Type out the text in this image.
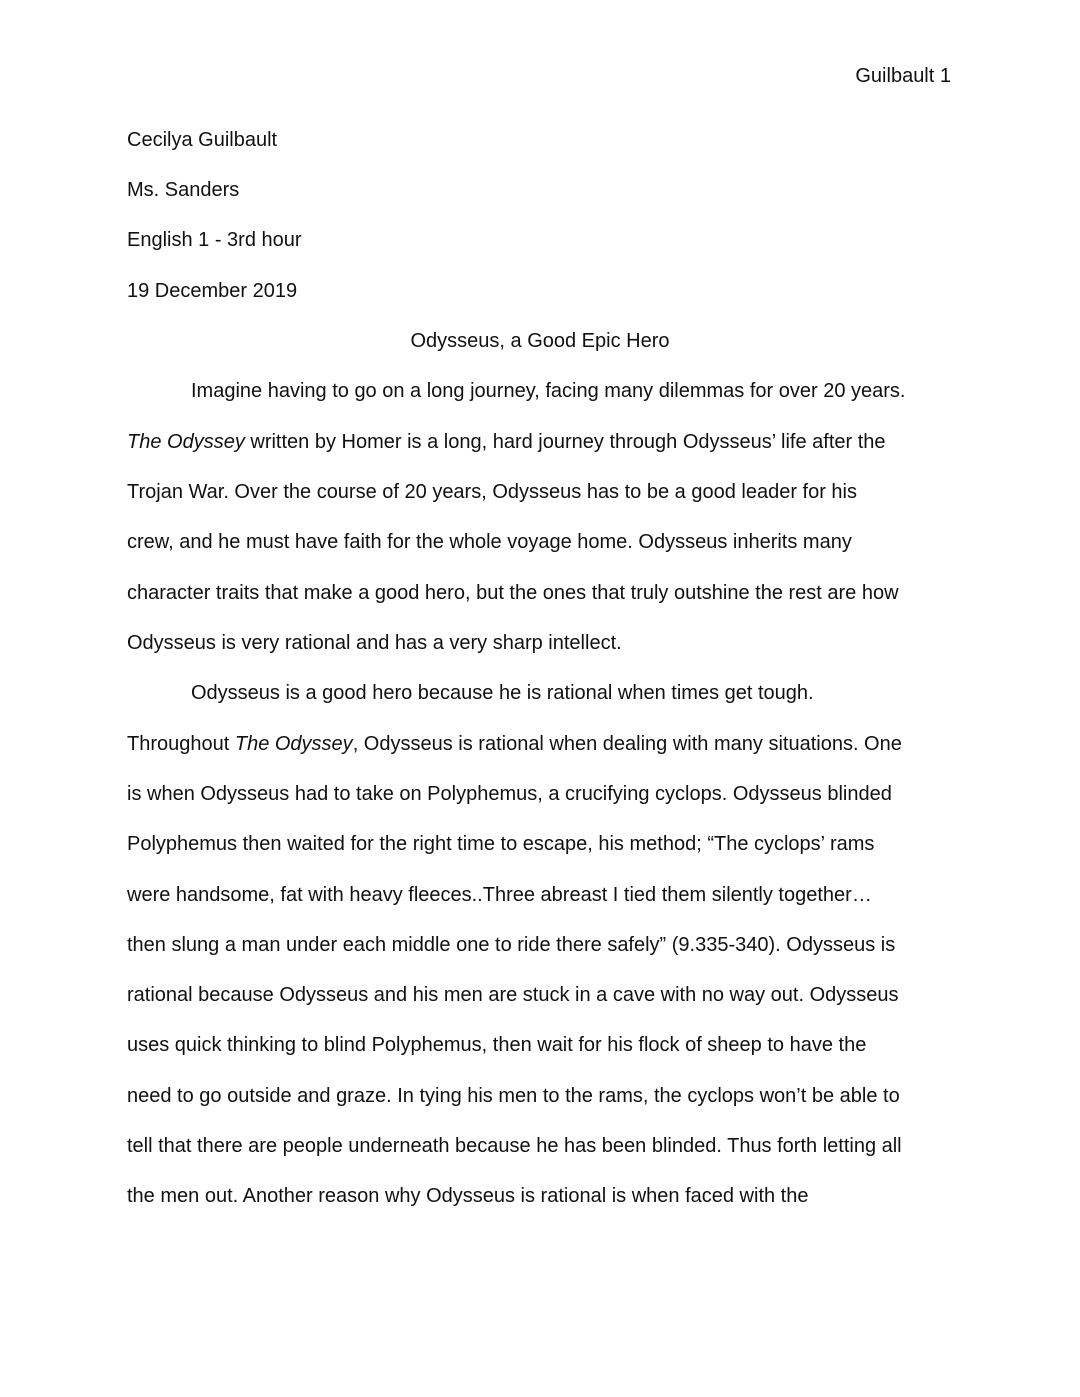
Guilbault 1
Cecilya Guilbault
Ms. Sanders
English 1 - 3rd hour
19 December 2019
Odysseus, a Good Epic Hero
Imagine having to go on a long journey, facing many dilemmas for over 20 years.
The Odyssey written by Homer is a long, hard journey through Odysseus’ life after the
Trojan War. Over the course of 20 years, Odysseus has to be a good leader for his
crew, and he must have faith for the whole voyage home. Odysseus inherits many
character traits that make a good hero, but the ones that truly outshine the rest are how
Odysseus is very rational and has a very sharp intellect.
Odysseus is a good hero because he is rational when times get tough.
Throughout The Odyssey, Odysseus is rational when dealing with many situations. One
is when Odysseus had to take on Polyphemus, a crucifying cyclops. Odysseus blinded
Polyphemus then waited for the right time to escape, his method; “The cyclops’ rams
were handsome, fat with heavy fleeces..Three abreast I tied them silently together…
then slung a man under each middle one to ride there safely” (9.335-340). Odysseus is
rational because Odysseus and his men are stuck in a cave with no way out. Odysseus
uses quick thinking to blind Polyphemus, then wait for his flock of sheep to have the
need to go outside and graze. In tying his men to the rams, the cyclops won’t be able to
tell that there are people underneath because he has been blinded. Thus forth letting all
the men out. Another reason why Odysseus is rational is when faced with the
